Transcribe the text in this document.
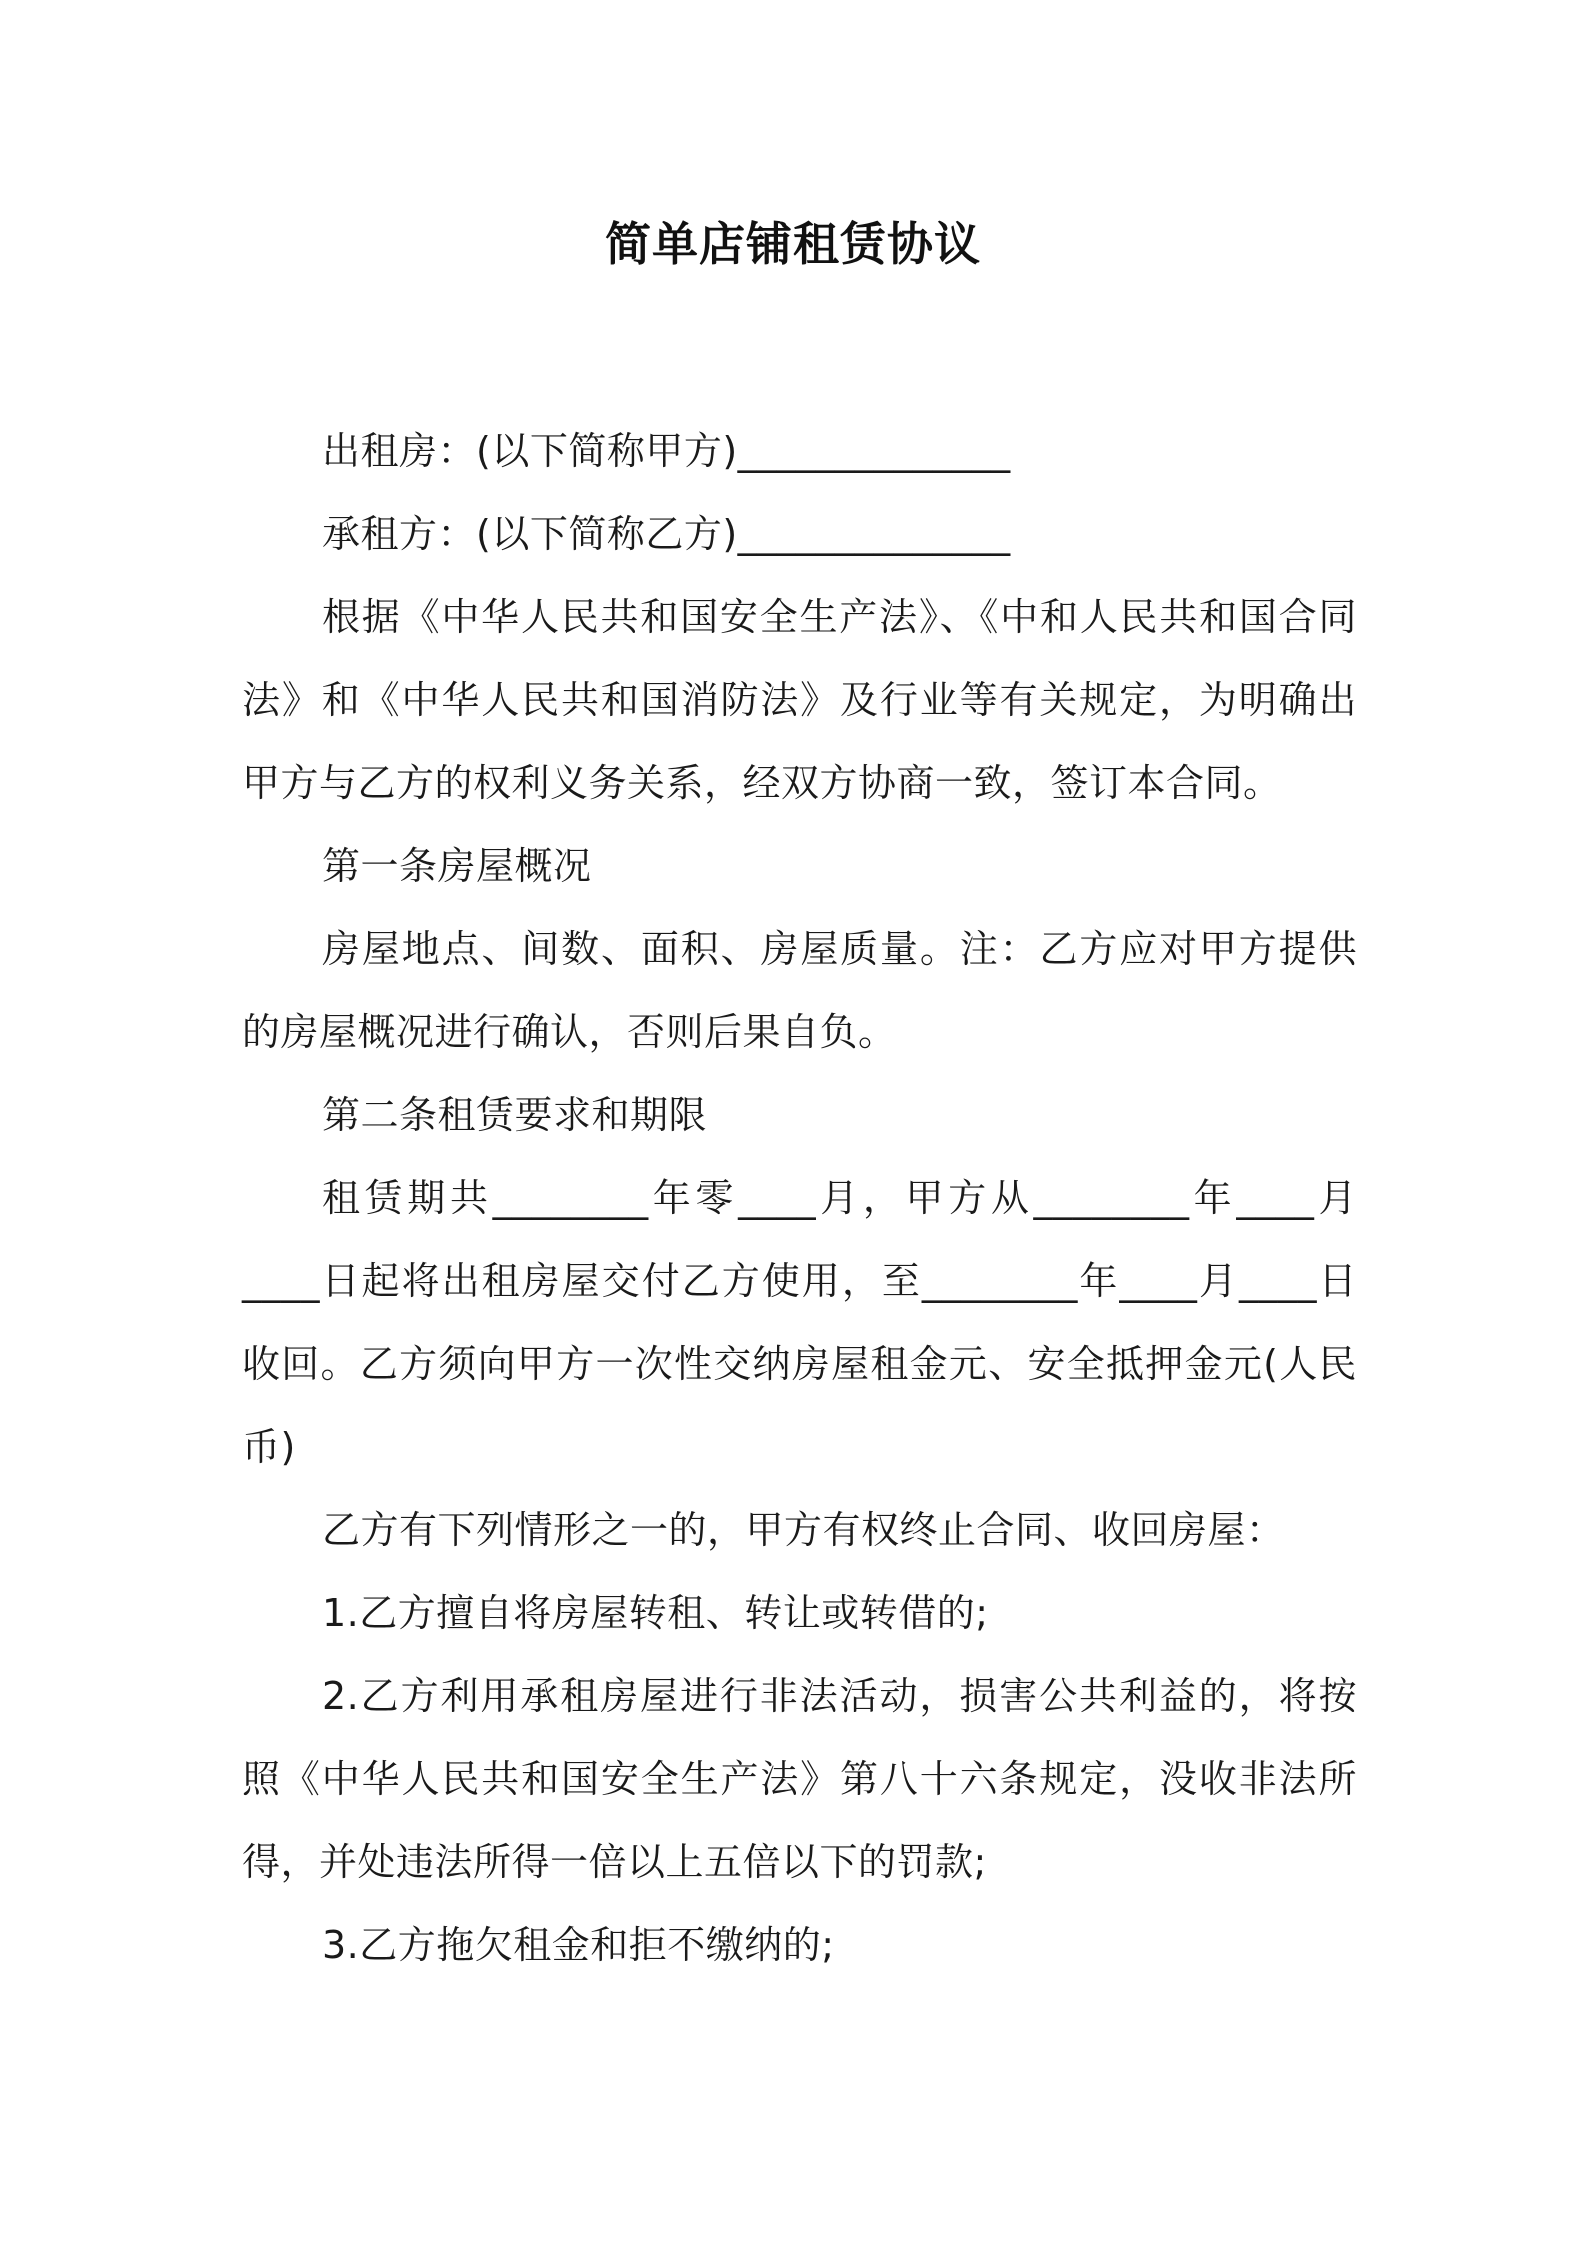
简单店铺租赁协议

出租房：(以下简称甲方)______________

承租方：(以下简称乙方)______________

根据《中华人民共和国安全生产法》、《中和人民共和国合同法》和《中华人民共和国消防法》及行业等有关规定，为明确出甲方与乙方的权利义务关系，经双方协商一致，签订本合同。

第一条房屋概况

房屋地点、间数、面积、房屋质量。注：乙方应对甲方提供的房屋概况进行确认，否则后果自负。

第二条租赁要求和期限

租赁期共________年零____月，甲方从________年____月____日起将出租房屋交付乙方使用，至________年____月____日收回。乙方须向甲方一次性交纳房屋租金元、安全抵押金元(人民币)

乙方有下列情形之一的，甲方有权终止合同、收回房屋：

1.乙方擅自将房屋转租、转让或转借的;

2.乙方利用承租房屋进行非法活动，损害公共利益的，将按照《中华人民共和国安全生产法》第八十六条规定，没收非法所得，并处违法所得一倍以上五倍以下的罚款;

3.乙方拖欠租金和拒不缴纳的;
